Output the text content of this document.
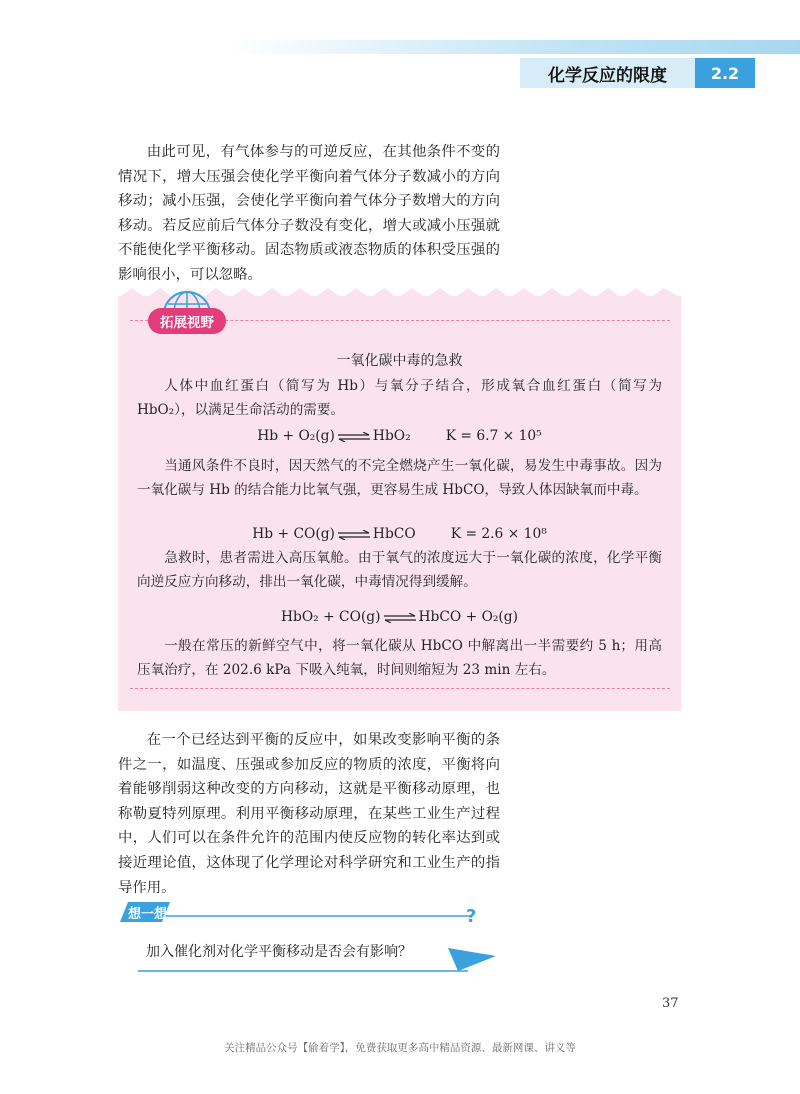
化学反应的限度	2.2
由此可见，有气体参与的可逆反应，在其他条件不变的情况下，增大压强会使化学平衡向着气体分子数减小的方向移动；减小压强，会使化学平衡向着气体分子数增大的方向移动。若反应前后气体分子数没有变化，增大或减小压强就不能使化学平衡移动。固态物质或液态物质的体积受压强的影响很小，可以忽略。
拓展视野
一氧化碳中毒的急救
人体中血红蛋白（简写为 Hb）与氧分子结合，形成氧合血红蛋白（简写为 HbO₂），以满足生命活动的需要。
Hb + O₂(g) ⇌ HbO₂	K = 6.7 × 10⁵
当通风条件不良时，因天然气的不完全燃烧产生一氧化碳，易发生中毒事故。因为一氧化碳与 Hb 的结合能力比氧气强，更容易生成 HbCO，导致人体因缺氧而中毒。
Hb + CO(g) ⇌ HbCO	K = 2.6 × 10⁸
急救时，患者需进入高压氧舱。由于氧气的浓度远大于一氧化碳的浓度，化学平衡向逆反应方向移动，排出一氧化碳，中毒情况得到缓解。
HbO₂ + CO(g) ⇌ HbCO + O₂(g)
一般在常压的新鲜空气中，将一氧化碳从 HbCO 中解离出一半需要约 5 h；用高压氧治疗，在 202.6 kPa 下吸入纯氧，时间则缩短为 23 min 左右。
在一个已经达到平衡的反应中，如果改变影响平衡的条件之一，如温度、压强或参加反应的物质的浓度，平衡将向着能够削弱这种改变的方向移动，这就是平衡移动原理，也称勒夏特列原理。利用平衡移动原理，在某些工业生产过程中，人们可以在条件允许的范围内使反应物的转化率达到或接近理论值，这体现了化学理论对科学研究和工业生产的指导作用。
想一想	?
加入催化剂对化学平衡移动是否会有影响？
37
关注精品公众号【偷着学】，免费获取更多高中精品资源、最新网课、讲义等
